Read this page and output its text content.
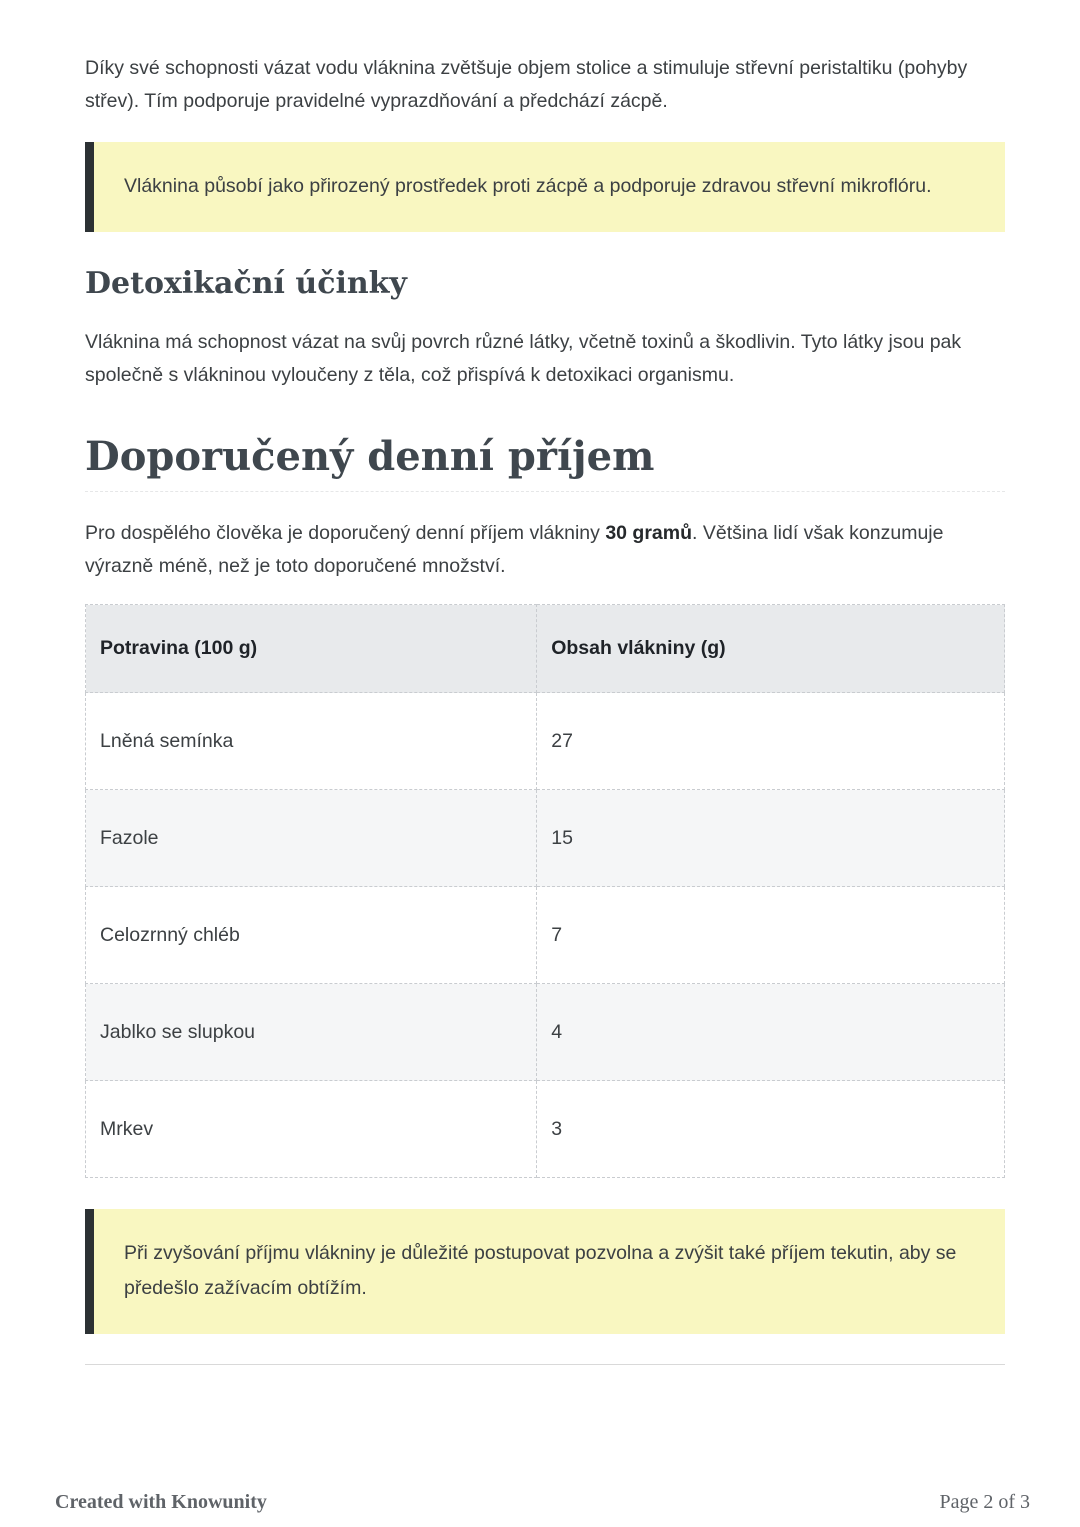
Díky své schopnosti vázat vodu vláknina zvětšuje objem stolice a stimuluje střevní peristaltiku (pohyby střev). Tím podporuje pravidelné vyprazdňování a předchází zácpě.

Vláknina působí jako přirozený prostředek proti zácpě a podporuje zdravou střevní mikroflóru.

Detoxikační účinky

Vláknina má schopnost vázat na svůj povrch různé látky, včetně toxinů a škodlivin. Tyto látky jsou pak společně s vlákninou vyloučeny z těla, což přispívá k detoxikaci organismu.

Doporučený denní příjem

Pro dospělého člověka je doporučený denní příjem vlákniny 30 gramů. Většina lidí však konzumuje výrazně méně, než je toto doporučené množství.

Potravina (100 g)	Obsah vlákniny (g)
Lněná semínka	27
Fazole	15
Celozrnný chléb	7
Jablko se slupkou	4
Mrkev	3

Při zvyšování příjmu vlákniny je důležité postupovat pozvolna a zvýšit také příjem tekutin, aby se předešlo zažívacím obtížím.

Created with Knowunity	Page 2 of 3
